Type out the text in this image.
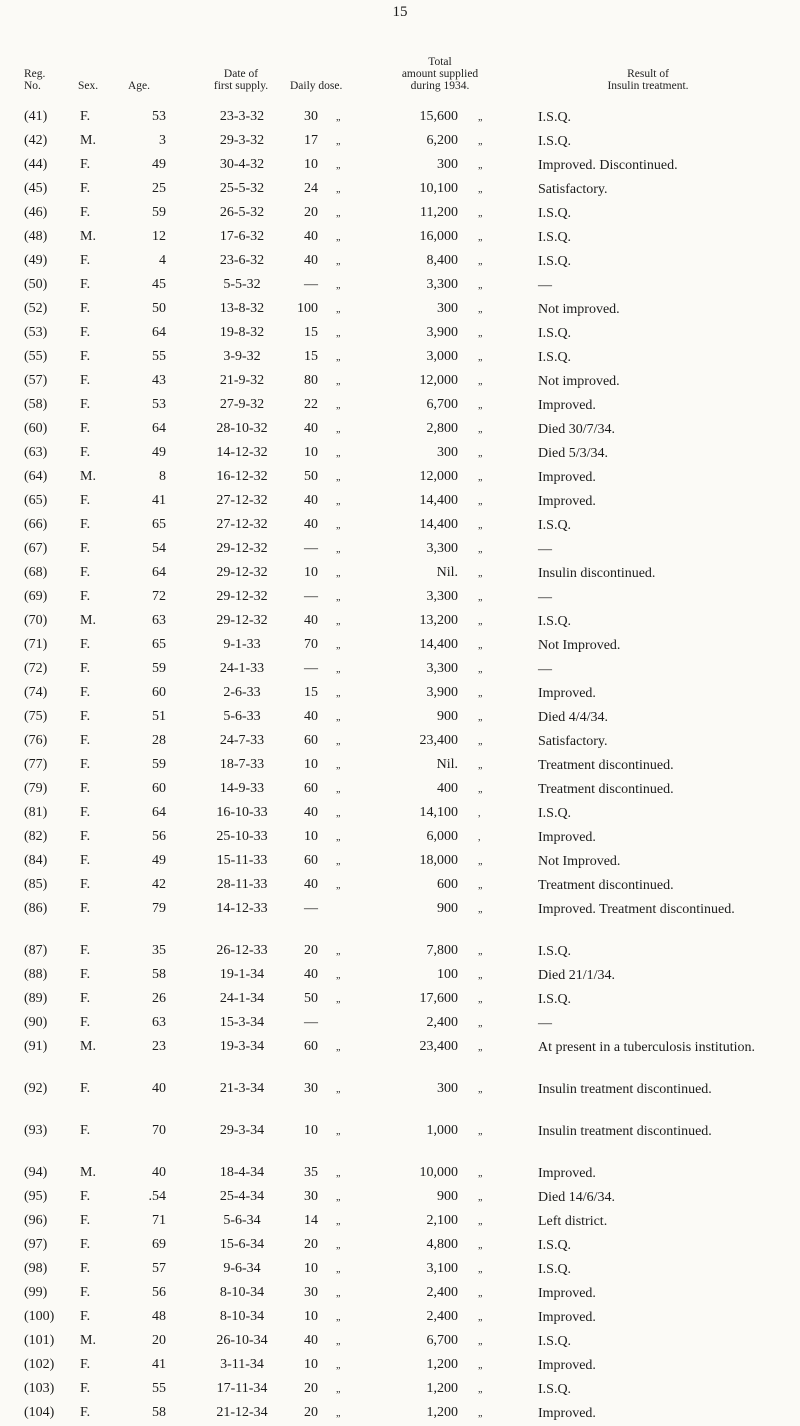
15
Reg.
No.	Sex.	Age.
Date of
first supply.	Daily dose.
Total
amount supplied
during 1934.
Result of
Insulin treatment.
(41) F.	53	23-3-32	30 „	15,600 „	I.S.Q.
(42) M.	3	29-3-32	17 „	6,200 „	I.S.Q.
(44) F.	49	30-4-32	10 „	300 „	Improved. Discontinued.
(45) F.	25	25-5-32	24 „	10,100 „	Satisfactory.
(46) F.	59	26-5-32	20 „	11,200 „	I.S.Q.
(48) M.	12	17-6-32	40 „	16,000 „	I.S.Q.
(49) F.	4	23-6-32	40 „	8,400 „	I.S.Q.
(50) F.	45	5-5-32	— „	3,300 „	—
(52) F.	50	13-8-32	100 „	300 „	Not improved.
(53) F.	64	19-8-32	15 „	3,900 „	I.S.Q.
(55) F.	55	3-9-32	15 „	3,000 „	I.S.Q.
(57) F.	43	21-9-32	80 „	12,000 „	Not improved.
(58) F.	53	27-9-32	22 „	6,700 „	Improved.
(60) F.	64	28-10-32	40 „	2,800 „	Died 30/7/34.
(63) F.	49	14-12-32	10 „	300 „	Died 5/3/34.
(64) M.	8	16-12-32	50 „	12,000 „	Improved.
(65) F.	41	27-12-32	40 „	14,400 „	Improved.
(66) F.	65	27-12-32	40 „	14,400 „	I.S.Q.
(67) F.	54	29-12-32	— „	3,300 „	—
(68) F.	64	29-12-32	10 „	Nil. „	Insulin discontinued.
(69) F.	72	29-12-32	— „	3,300 „	—
(70) M.	63	29-12-32	40 „	13,200 „	I.S.Q.
(71) F.	65	9-1-33	70 „	14,400 „	Not Improved.
(72) F.	59	24-1-33	— „	3,300 „	—
(74) F.	60	2-6-33	15 „	3,900 „	Improved.
(75) F.	51	5-6-33	40 „	900 „	Died 4/4/34.
(76) F.	28	24-7-33	60 „	23,400 „	Satisfactory.
(77) F.	59	18-7-33	10 „	Nil. „	Treatment discontinued.
(79) F.	60	14-9-33	60 „	400 „	Treatment discontinued.
(81) F.	64	16-10-33	40 „	14,100 ,	I.S.Q.
(82) F.	56	25-10-33	10 „	6,000 ,	Improved.
(84) F.	49	15-11-33	60 „	18,000 „	Not Improved.
(85) F.	42	28-11-33	40 „	600 „	Treatment discontinued.
(86) F.	79	14-12-33	—	900 „	Improved. Treatment discontinued.
(87) F.	35	26-12-33	20 „	7,800 „	I.S.Q.
(88) F.	58	19-1-34	40 „	100 „	Died 21/1/34.
(89) F.	26	24-1-34	50 „	17,600 „	I.S.Q.
(90) F.	63	15-3-34	—	2,400 „	—
(91) M.	23	19-3-34	60 „	23,400 „	At present in a tuberculosis institution.
(92) F.	40	21-3-34	30 „	300 „	Insulin treatment discontinued.
(93) F.	70	29-3-34	10 „	1,000 „	Insulin treatment discontinued.
(94) M.	40	18-4-34	35 „	10,000 „	Improved.
(95) F.	.54	25-4-34	30 „	900 „	Died 14/6/34.
(96) F.	71	5-6-34	14 „	2,100 „	Left district.
(97) F.	69	15-6-34	20 „	4,800 „	I.S.Q.
(98) F.	57	9-6-34	10 „	3,100 „	I.S.Q.
(99) F.	56	8-10-34	30 „	2,400 „	Improved.
(100) F.	48	8-10-34	10 „	2,400 „	Improved.
(101) M.	20	26-10-34	40 „	6,700 „	I.S.Q.
(102) F.	41	3-11-34	10 „	1,200 „	Improved.
(103) F.	55	17-11-34	20 „	1,200 „	I.S.Q.
(104) F.	58	21-12-34	20 „	1,200 „	Improved.
